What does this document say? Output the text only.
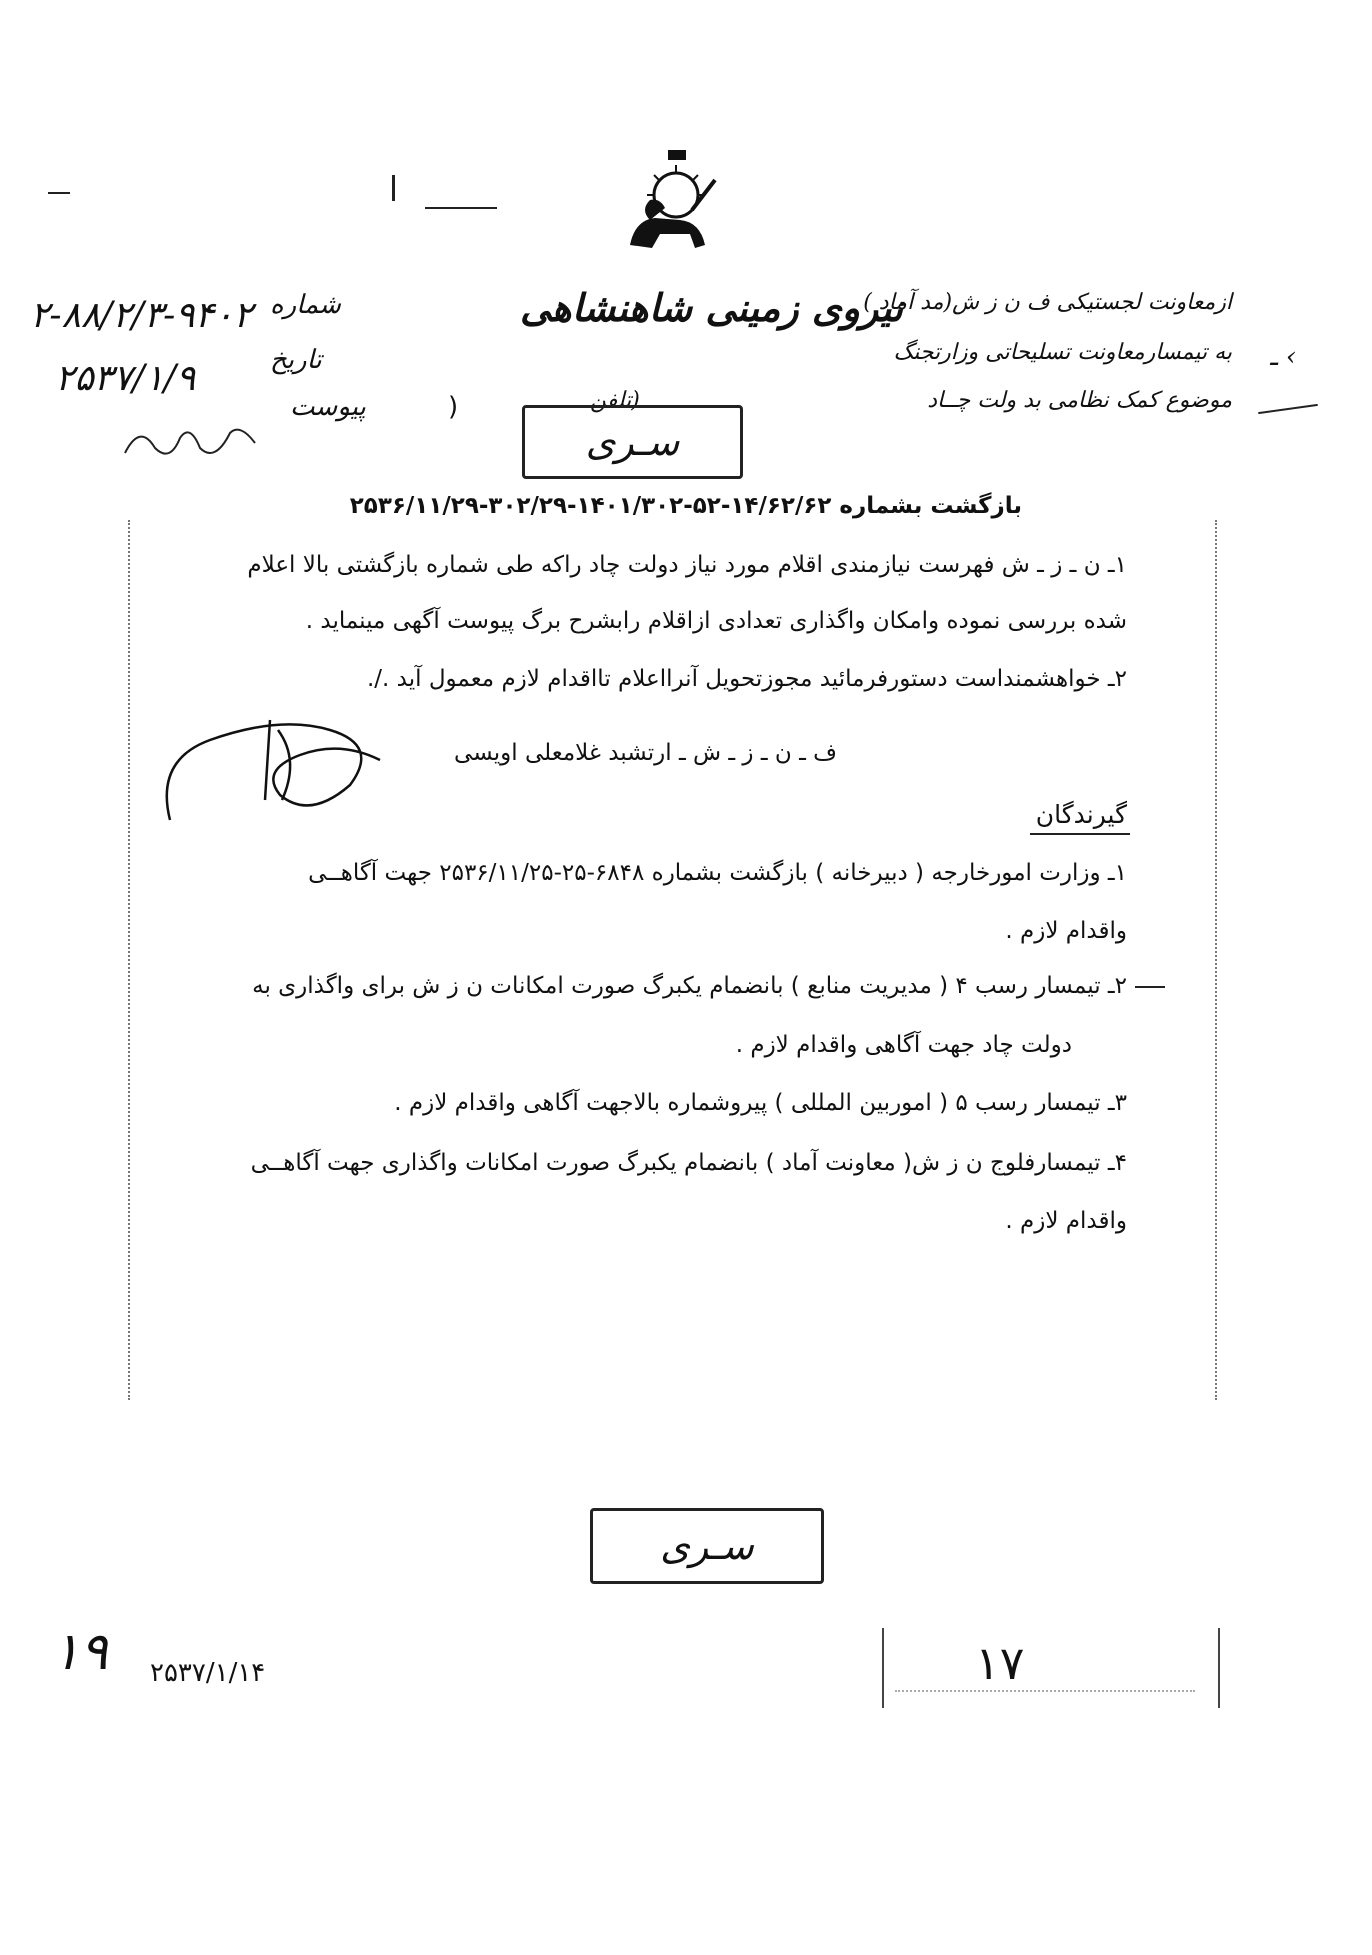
نیروی زمینی شاهنشاهی
ازمعاونت لجستیکی ف ن ز ش(مد آماد )
به تیمسارمعاونت تسلیحاتی وزارتجنگ
موضوع کمک نظامی بد ولت چــاد
ـ ‹
شماره
تاریخ
پیوست
۲-۸۸/۲/۳-۹۴۰۲
۲۵۳۷/۱/۹
)	(تلفن
سـری
بازگشت بشماره ۱۴/۶۲/۶۲-۵۲-۱۴۰۱/۳۰۲-۳۰۲/۲۹-۲۵۳۶/۱۱/۲۹
۱ـ ن ـ ز ـ ش فهرست نیازمندی اقلام مورد نیاز دولت چاد راکه طی شماره بازگشتی بالا اعلام
شده بررسی نموده وامکان واگذاری تعدادی ازاقلام رابشرح برگ پیوست آگهی مینماید .
۲ـ خواهشمنداست دستورفرمائید مجوزتحویل آنرااعلام تااقدام لازم معمول آید ./.
ف ـ ن ـ ز ـ ش ـ ارتشبد غلامعلی اویسی
گیرندگان
۱ـ وزارت امورخارجه ( دبیرخانه ) بازگشت بشماره ۶۸۴۸-۲۵-۲۵۳۶/۱۱/۲۵ جهت آگاهــی
واقدام لازم .
۲ـ تیمسار رسب ۴ ( مدیریت منابع ) بانضمام یکبرگ صورت امکانات ن ز ش برای واگذاری به
دولت چاد جهت آگاهی واقدام لازم .
۳ـ تیمسار رسب ۵ ( اموربین المللی ) پیروشماره بالاجهت آگاهی واقدام لازم .
۴ـ تیمسارفلوج ن ز ش( معاونت آماد ) بانضمام یکبرگ صورت امکانات واگذاری جهت آگاهــی
واقدام لازم .
سـری
۱۹ ۲۵۳۷/۱/۱۴	۱۷
